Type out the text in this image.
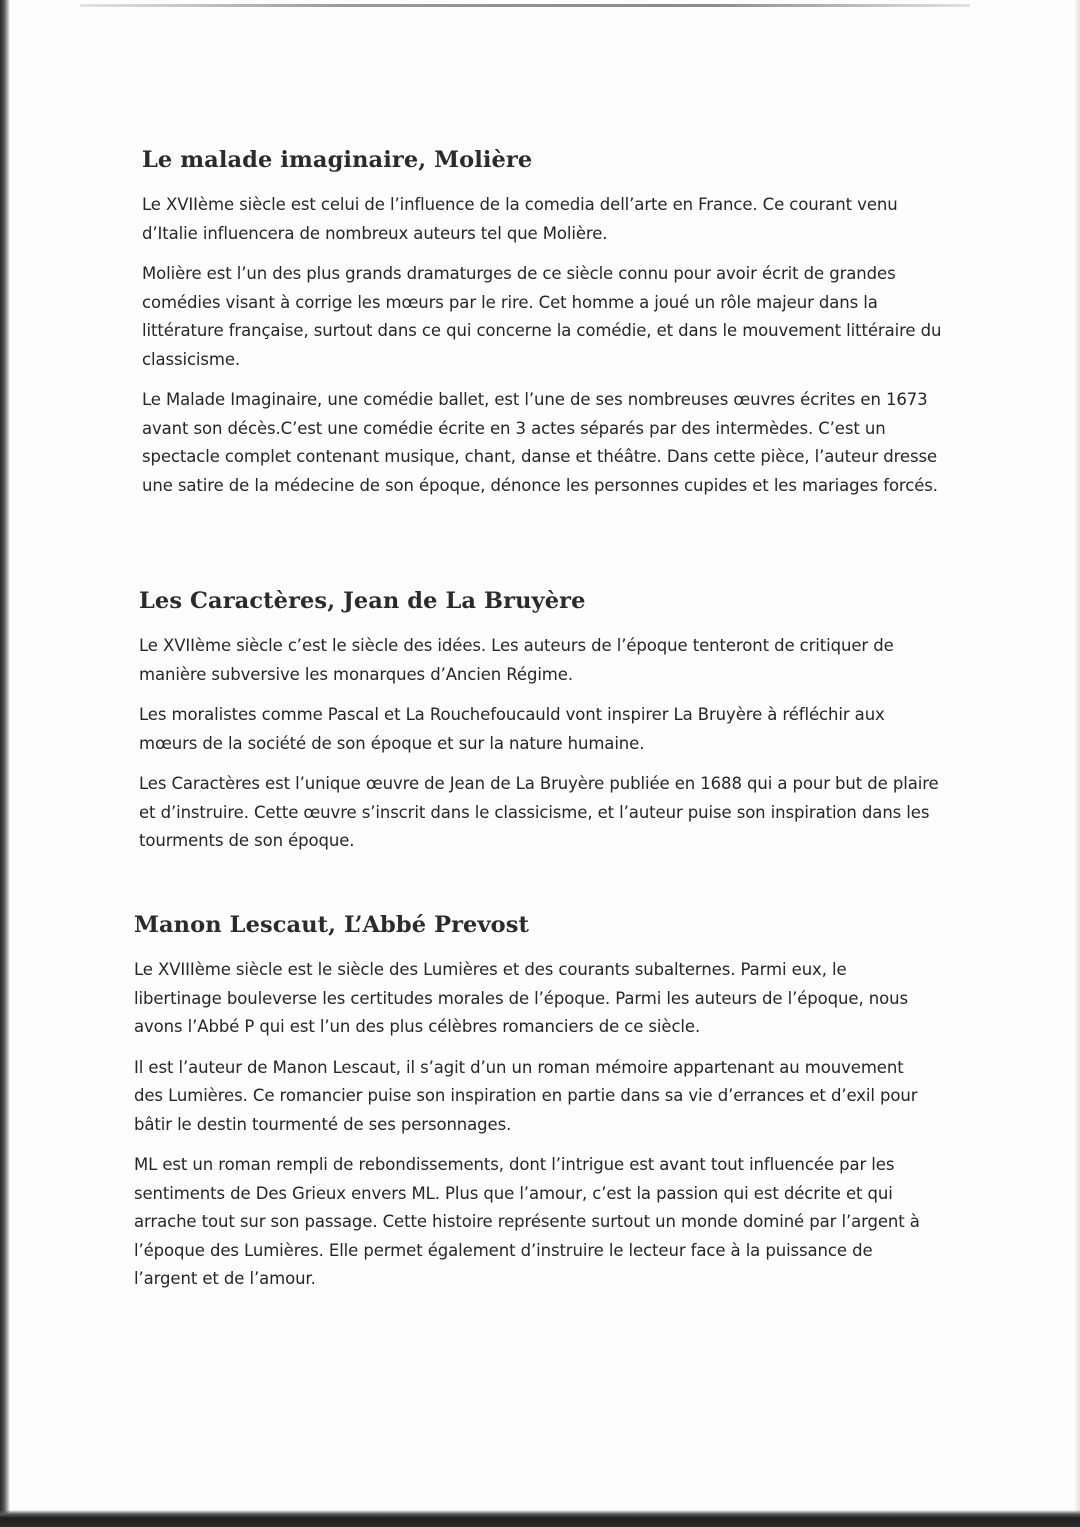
Le malade imaginaire, Molière

Le XVIIème siècle est celui de l’influence de la comedia dell’arte en France. Ce courant venu d’Italie influencera de nombreux auteurs tel que Molière.

Molière est l’un des plus grands dramaturges de ce siècle connu pour avoir écrit de grandes comédies visant à corrige les mœurs par le rire. Cet homme a joué un rôle majeur dans la littérature française, surtout dans ce qui concerne la comédie, et dans le mouvement littéraire du classicisme.

Le Malade Imaginaire, une comédie ballet, est l’une de ses nombreuses œuvres écrites en 1673 avant son décès.C’est une comédie écrite en 3 actes séparés par des intermèdes. C’est un spectacle complet contenant musique, chant, danse et théâtre. Dans cette pièce, l’auteur dresse une satire de la médecine de son époque, dénonce les personnes cupides et les mariages forcés.

Les Caractères, Jean de La Bruyère

Le XVIIème siècle c’est le siècle des idées. Les auteurs de l’époque tenteront de critiquer de manière subversive les monarques d’Ancien Régime.

Les moralistes comme Pascal et La Rouchefoucauld vont inspirer La Bruyère à réfléchir aux mœurs de la société de son époque et sur la nature humaine.

Les Caractères est l’unique œuvre de Jean de La Bruyère publiée en 1688 qui a pour but de plaire et d’instruire. Cette œuvre s’inscrit dans le classicisme, et l’auteur puise son inspiration dans les tourments de son époque.

Manon Lescaut, L’Abbé Prevost

Le XVIIIème siècle est le siècle des Lumières et des courants subalternes. Parmi eux, le libertinage bouleverse les certitudes morales de l’époque. Parmi les auteurs de l’époque, nous avons l’Abbé P qui est l’un des plus célèbres romanciers de ce siècle.

Il est l’auteur de Manon Lescaut, il s’agit d’un un roman mémoire appartenant au mouvement des Lumières. Ce romancier puise son inspiration en partie dans sa vie d’errances et d’exil pour bâtir le destin tourmenté de ses personnages.

ML est un roman rempli de rebondissements, dont l’intrigue est avant tout influencée par les sentiments de Des Grieux envers ML. Plus que l’amour, c’est la passion qui est décrite et qui arrache tout sur son passage. Cette histoire représente surtout un monde dominé par l’argent à l’époque des Lumières. Elle permet également d’instruire le lecteur face à la puissance de l’argent et de l’amour.
